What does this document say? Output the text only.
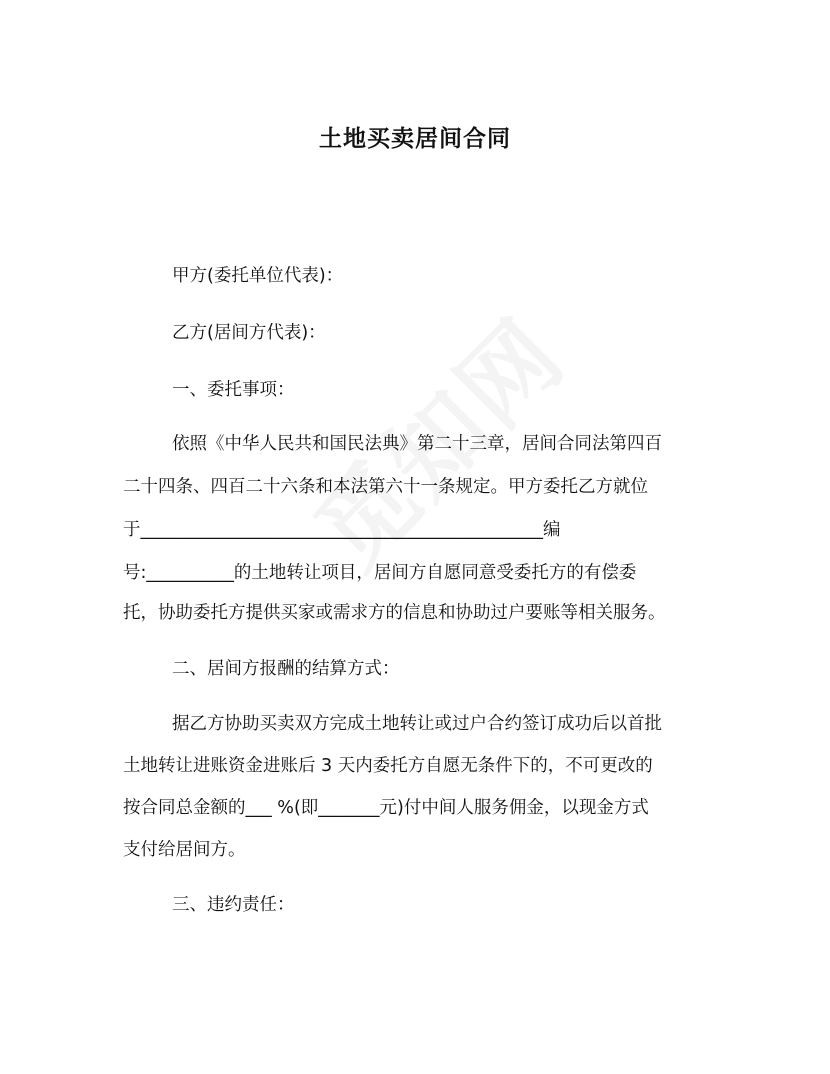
土地买卖居间合同

甲方(委托单位代表)：

乙方(居间方代表)：

一、委托事项：

依照《中华人民共和国民法典》第二十三章，居间合同法第四百

二十四条、四百二十六条和本法第六十一条规定。甲方委托乙方就位

于______________________________________________编

号:__________的土地转让项目，居间方自愿同意受委托方的有偿委

托，协助委托方提供买家或需求方的信息和协助过户要账等相关服务。

二、居间方报酬的结算方式：

据乙方协助买卖双方完成土地转让或过户合约签订成功后以首批

土地转让进账资金进账后 3 天内委托方自愿无条件下的，不可更改的

按合同总金额的___ %(即_______元)付中间人服务佣金，以现金方式

支付给居间方。

三、违约责任：
